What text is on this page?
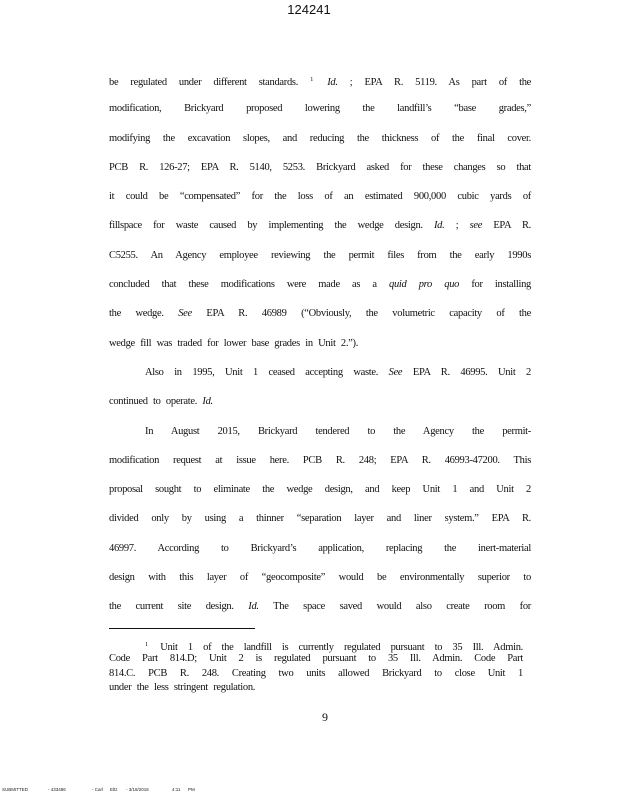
124241
be regulated under different standards. $^1$ Id. ; EPA R. 5119. As part of the
modification, Brickyard proposed lowering the landfill’s “base grades,”
modifying the excavation slopes, and reducing the thickness of the final cover.
PCB R. 126-27; EPA R. 5140, 5253. Brickyard asked for these changes so that
it could be “compensated” for the loss of an estimated 900,000 cubic yards of
fillspace for waste caused by implementing the wedge design. Id. ; see EPA R.
C5255. An Agency employee reviewing the permit files from the early 1990s
concluded that these modifications were made as a quid pro quo for installing
the wedge. See EPA R. 46989 (“Obviously, the volumetric capacity of the
wedge fill was traded for lower base grades in Unit 2.”).
Also in 1995, Unit 1 ceased accepting waste. See EPA R. 46995. Unit 2
continued to operate. Id.
In August 2015, Brickyard tendered to the Agency the permit-
modification request at issue here. PCB R. 248; EPA R. 46993-47200. This
proposal sought to eliminate the wedge design, and keep Unit 1 and Unit 2
divided only by using a thinner “separation layer and liner system.” EPA R.
46997. According to Brickyard’s application, replacing the inert-material
design with this layer of “geocomposite” would be environmentally superior to
the current site design. Id. The space saved would also create room for
$^1$ Unit 1 of the landfill is currently regulated pursuant to 35 Ill. Admin.
Code Part 814.D; Unit 2 is regulated pursuant to 35 Ill. Admin. Code Part
814.C. PCB R. 248. Creating two units allowed Brickyard to close Unit 1
under the less stringent regulation.
9
SUBMITTED	- 433486	- Carl Eltz - 3/18/2016	4:11 PM
